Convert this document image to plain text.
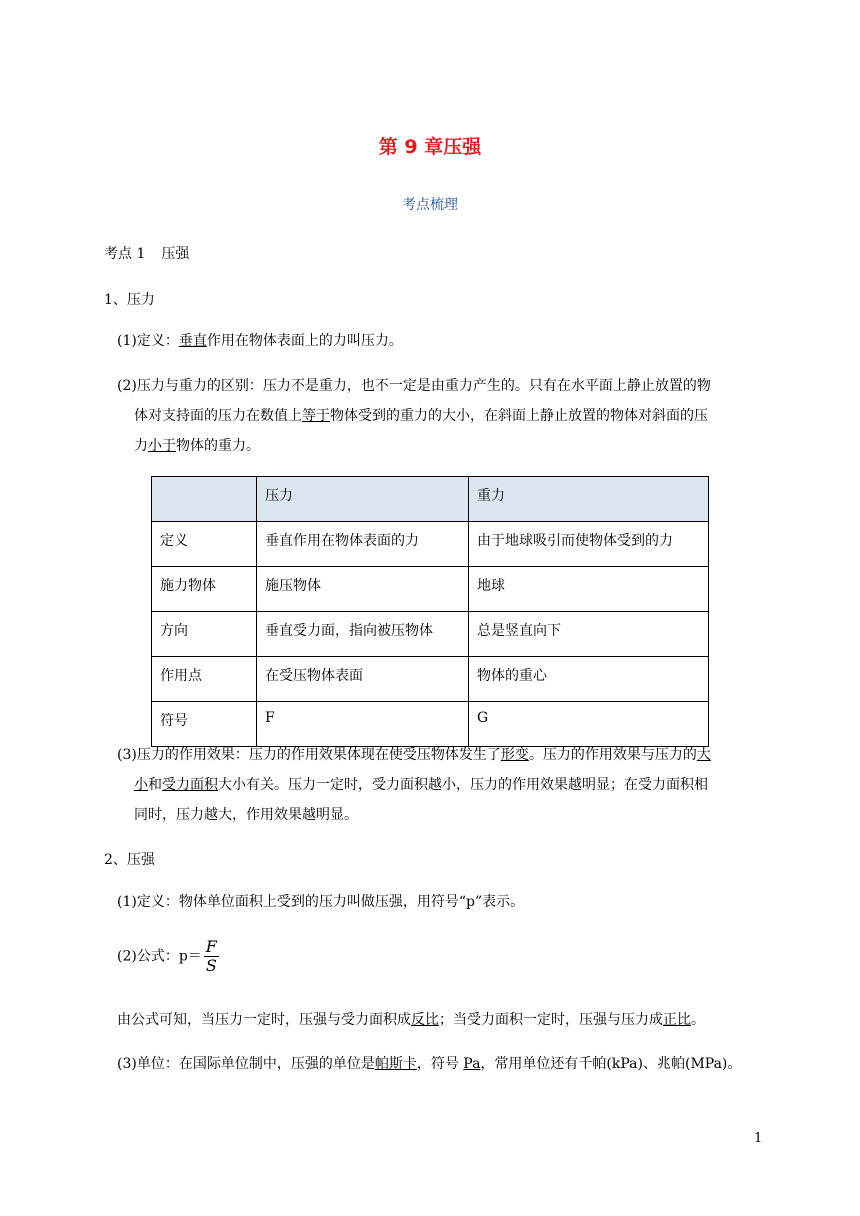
第 9 章压强
考点梳理
考点 1 压强
1、压力
(1)定义：垂直作用在物体表面上的力叫压力。
(2)压力与重力的区别：压力不是重力，也不一定是由重力产生的。只有在水平面上静止放置的物
体对支持面的压力在数值上等于物体受到的重力的大小，在斜面上静止放置的物体对斜面的压
力小于物体的重力。
	压力	重力
定义	垂直作用在物体表面的力	由于地球吸引而使物体受到的力
施力物体	施压物体	地球
方向	垂直受力面，指向被压物体	总是竖直向下
作用点	在受压物体表面	物体的重心
符号	F	G
(3)压力的作用效果：压力的作用效果体现在使受压物体发生了形变。压力的作用效果与压力的大
小和受力面积大小有关。压力一定时，受力面积越小，压力的作用效果越明显；在受力面积相
同时，压力越大，作用效果越明显。
2、压强
(1)定义：物体单位面积上受到的压力叫做压强，用符号“p”表示。
(2)公式：$p= \frac{F}{S}$
由公式可知，当压力一定时，压强与受力面积成反比；当受力面积一定时，压强与压力成正比。
(3)单位：在国际单位制中，压强的单位是帕斯卡，符号 Pa，常用单位还有千帕(kPa)、兆帕(MPa)。
1
